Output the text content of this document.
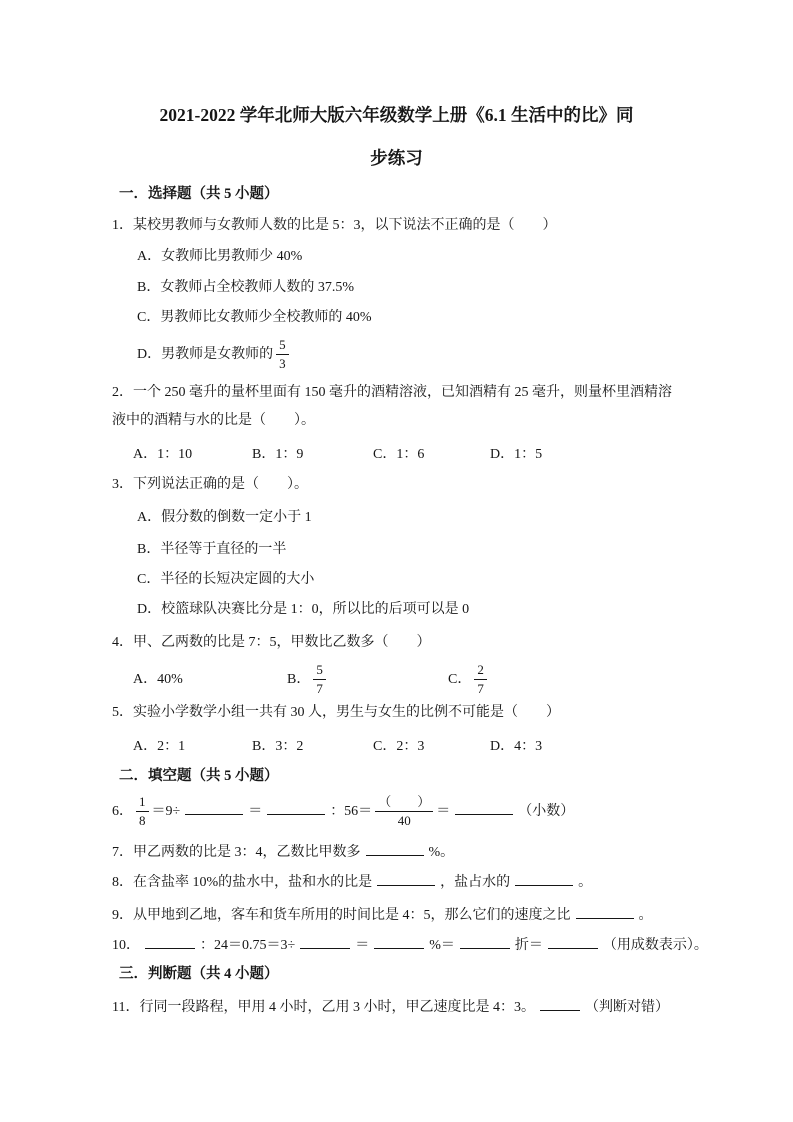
2021-2022 学年北师大版六年级数学上册《6.1 生活中的比》同
步练习
一．选择题（共 5 小题）
1．某校男教师与女教师人数的比是 5：3，以下说法不正确的是（　　）
A．女教师比男教师少 40%
B．女教师占全校教师人数的 37.5%
C．男教师比女教师少全校教师的 40%
D．男教师是女教师的 $\frac{5}{3}$
2．一个 250 毫升的量杯里面有 150 毫升的酒精溶液，已知酒精有 25 毫升，则量杯里酒精溶
液中的酒精与水的比是（　　）。
A．1：10	B．1：9	C．1：6	D．1：5
3．下列说法正确的是（　　）。
A．假分数的倒数一定小于 1
B．半径等于直径的一半
C．半径的长短决定圆的大小
D．校篮球队决赛比分是 1：0，所以比的后项可以是 0
4．甲、乙两数的比是 7：5，甲数比乙数多（　　）
A．40%	B． $\frac{5}{7}$	C． $\frac{2}{7}$
5．实验小学数学小组一共有 30 人，男生与女生的比例不可能是（　　）
A．2：1	B．3：2	C．2：3	D．4：3
二．填空题（共 5 小题）
6． $\frac{1}{8} =9\div$	＝	：$56= \frac{( )}{40}$ ＝	（小数）
7．甲乙两数的比是 3：4，乙数比甲数多	%。
8．在含盐率 10%的盐水中，盐和水的比是	，盐占水的	。
9．从甲地到乙地，客车和货车所用的时间比是 4：5，那么它们的速度之比	。
10．	：24＝0.75＝3÷	＝	%＝	折＝	（用成数表示）。
三．判断题（共 4 小题）
11．行同一段路程，甲用 4 小时，乙用 3 小时，甲乙速度比是 4：3。	（判断对错）
